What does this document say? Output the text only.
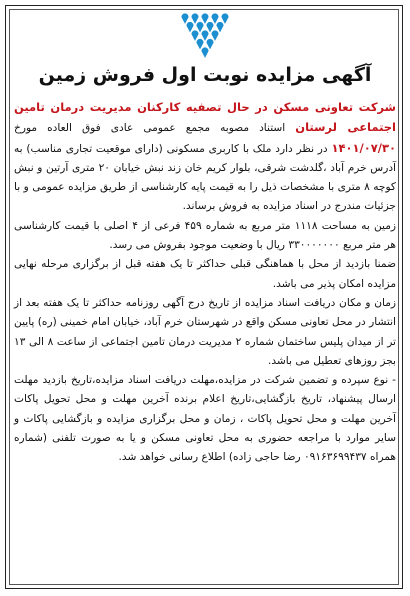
آگهی مزایده نوبت اول فروش زمین

شرکت تعاونی مسکن در حال تصفیه کارکنان مدیریت درمان تامین اجتماعی لرستان استناد مصوبه مجمع عمومی عادی فوق العاده مورخ ۱۴۰۱/۰۷/۳۰ در نظر دارد ملک با کاربری مسکونی (دارای موقعیت تجاری مناسب) به آدرس خرم آباد ،گلدشت شرقی، بلوار کریم خان زند نبش خیابان ۲۰ متری آرتین و نبش کوچه ۸ متری با مشخصات ذیل را به قیمت پایه کارشناسی از طریق مزایده عمومی و با جزئیات مندرج در اسناد مزایده به فروش برساند.

زمین به مساحت ۱۱۱۸ متر مربع به شماره ۴۵۹ فرعی از ۴ اصلی با قیمت کارشناسی هر متر مربع ۳۳۰۰۰۰۰۰۰ ریال با وضعیت موجود بفروش می رسد.

ضمنا بازدید از محل با هماهنگی قبلی حداکثر تا یک هفته قبل از برگزاری مرحله نهایی مزایده امکان پذیر می باشد.

زمان و مکان دریافت اسناد مزایده از تاریخ درج آگهی روزنامه حداکثر تا یک هفته بعد از انتشار در محل تعاونی مسکن واقع در شهرستان خرم آباد، خیابان امام خمینی (ره) پایین تر از میدان پلیس ساختمان شماره ۲ مدیریت درمان تامین اجتماعی از ساعت ۸ الی ۱۳ بجز روزهای تعطیل می باشد.

- نوع سپرده و تضمین شرکت در مزایده،مهلت دریافت اسناد مزایده،تاریخ بازدید مهلت ارسال پیشنهاد، تاریخ بازگشایی،تاریخ اعلام برنده آخرین مهلت و محل تحویل پاکات آخرین مهلت و محل تحویل پاکات ، زمان و محل برگزاری مزایده و بازگشایی پاکات و سایر موارد با مراجعه حضوری به محل تعاونی مسکن و یا به صورت تلفنی (شماره همراه ۰۹۱۶۳۶۹۹۴۳۷ رضا حاجی زاده) اطلاع رسانی خواهد شد.
